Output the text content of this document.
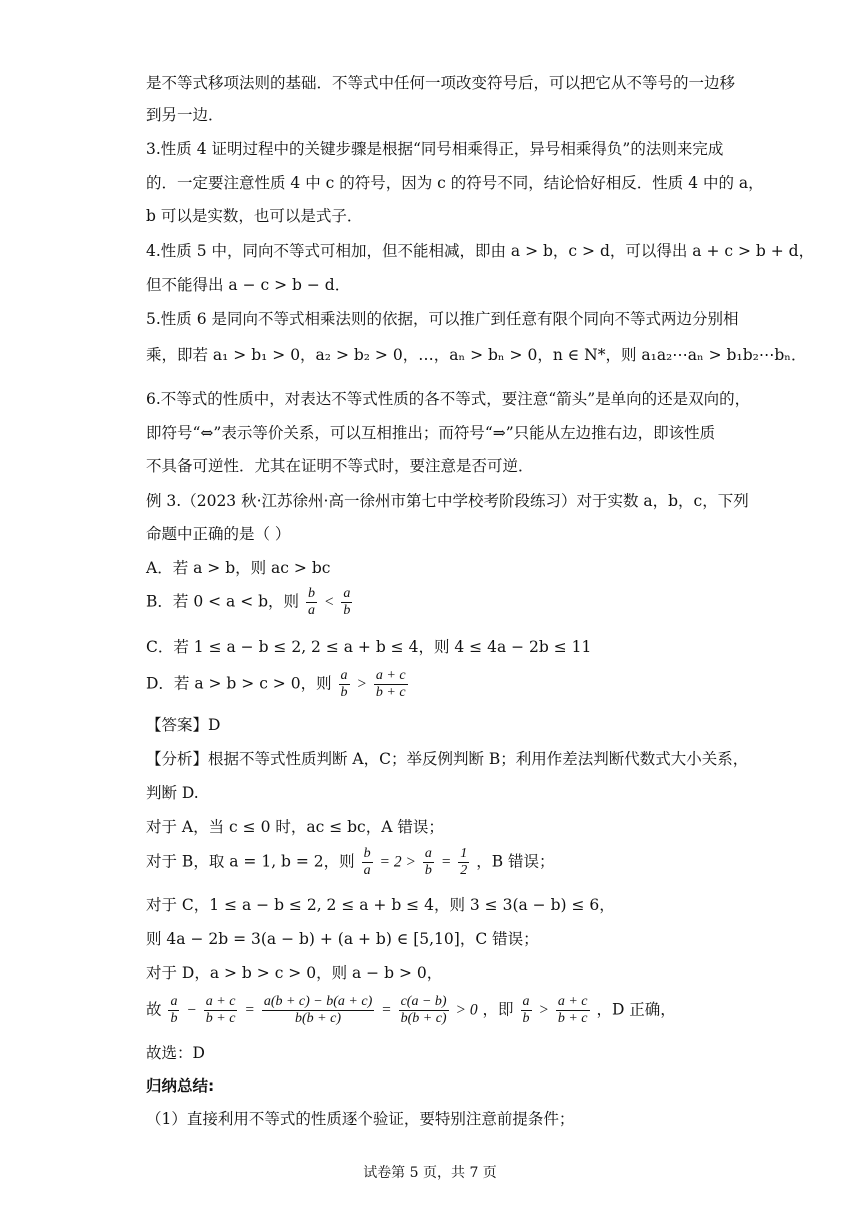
是不等式移项法则的基础．不等式中任何一项改变符号后，可以把它从不等号的一边移
到另一边．
3.性质 4 证明过程中的关键步骤是根据“同号相乘得正，异号相乘得负”的法则来完成
的．一定要注意性质 4 中 c 的符号，因为 c 的符号不同，结论恰好相反．性质 4 中的 a，
b 可以是实数，也可以是式子．
4.性质 5 中，同向不等式可相加，但不能相减，即由 a > b，c > d，可以得出 a + c > b + d，
但不能得出 a − c > b − d．
5.性质 6 是同向不等式相乘法则的依据，可以推广到任意有限个同向不等式两边分别相
乘，即若 a₁ > b₁ > 0，a₂ > b₂ > 0，…，aₙ > bₙ > 0，n ∈ N*，则 a₁a₂⋯aₙ > b₁b₂⋯bₙ．
6.不等式的性质中，对表达不等式性质的各不等式，要注意“箭头”是单向的还是双向的，
即符号“⇔”表示等价关系，可以互相推出；而符号“⇒”只能从左边推右边，即该性质
不具备可逆性．尤其在证明不等式时，要注意是否可逆．
例 3.（2023 秋·江苏徐州·高一徐州市第七中学校考阶段练习）对于实数 a，b，c，下列
命题中正确的是（ ）
A．若 a > b，则 ac > bc
B．若 0 < a < b，则 $\frac{b}{a} < \frac{a}{b}$
C．若 1 ≤ a − b ≤ 2, 2 ≤ a + b ≤ 4，则 4 ≤ 4a − 2b ≤ 11
D．若 a > b > c > 0，则 $\frac{a}{b} > \frac{a + c}{b + c}$
【答案】D
【分析】根据不等式性质判断 A，C；举反例判断 B；利用作差法判断代数式大小关系，
判断 D.
对于 A，当 c ≤ 0 时，ac ≤ bc，A 错误；
对于 B，取 a = 1, b = 2，则 $\frac{b}{a} = 2 > \frac{a}{b} = \frac{1}{2}$ ，B 错误；
对于 C，1 ≤ a − b ≤ 2, 2 ≤ a + b ≤ 4，则 3 ≤ 3(a − b) ≤ 6，
则 4a − 2b = 3(a − b) + (a + b) ∈ [5,10]，C 错误；
对于 D，a > b > c > 0，则 a − b > 0，
故 $\frac{a}{b} - \frac{a + c}{b + c} = \frac{a(b + c) - b(a + c)}{b(b + c)} = \frac{c(a - b)}{b(b + c)} > 0$ ，即 $\frac{a}{b} > \frac{a + c}{b + c}$ ，D 正确，
故选：D
归纳总结:
（1）直接利用不等式的性质逐个验证，要特别注意前提条件；
试卷第 5 页，共 7 页
